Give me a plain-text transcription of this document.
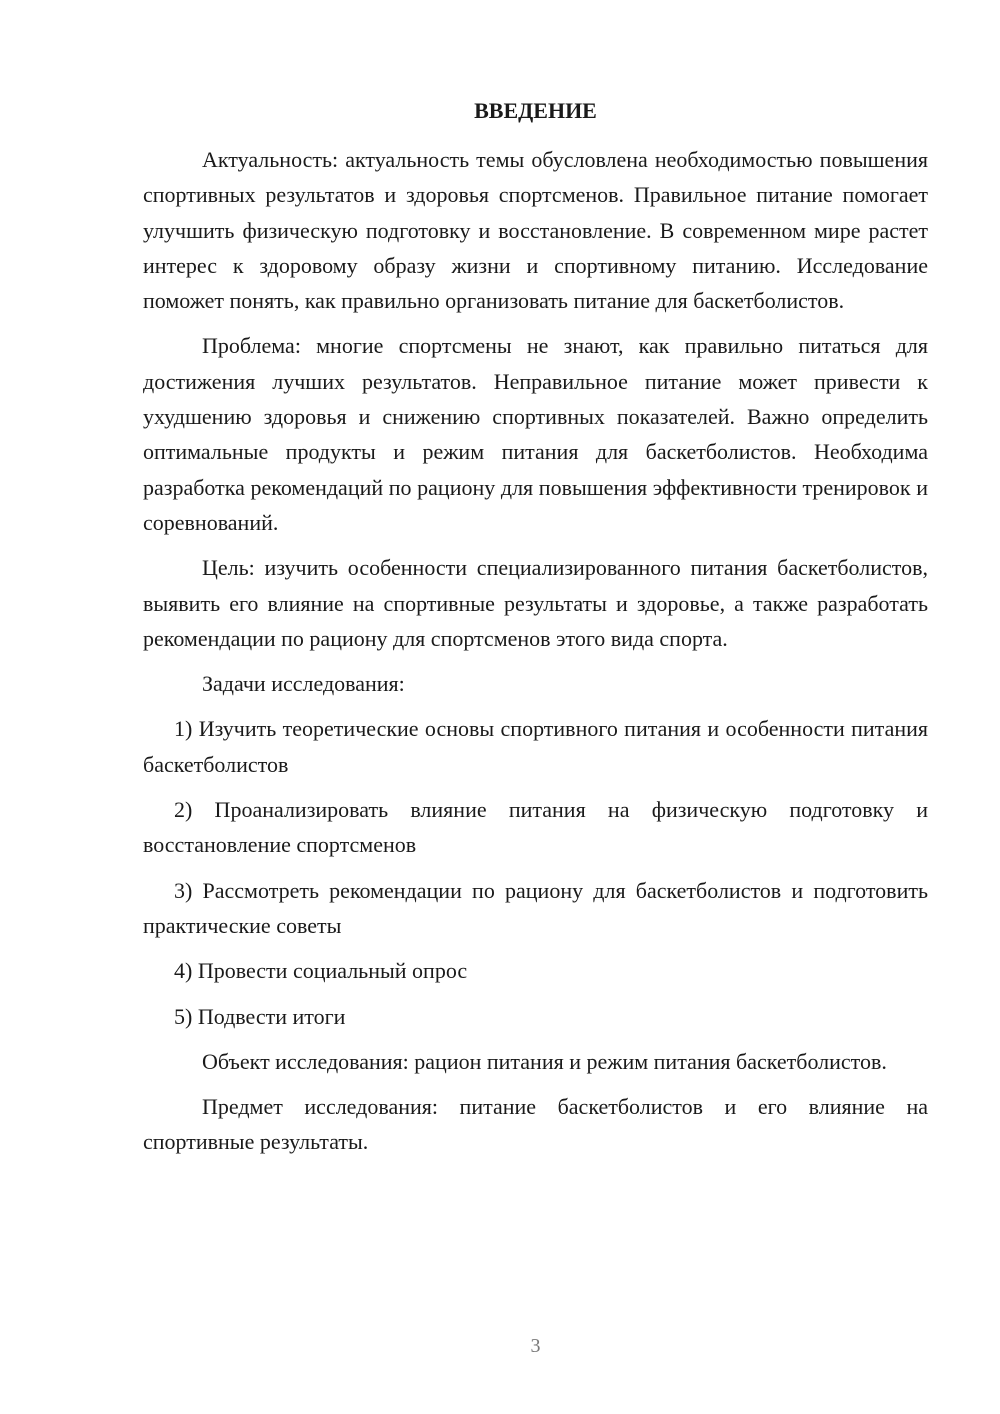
ВВЕДЕНИЕ

Актуальность: актуальность темы обусловлена необходимостью повышения спортивных результатов и здоровья спортсменов. Правильное питание помогает улучшить физическую подготовку и восстановление. В современном мире растет интерес к здоровому образу жизни и спортивному питанию. Исследование поможет понять, как правильно организовать питание для баскетболистов.

Проблема: многие спортсмены не знают, как правильно питаться для достижения лучших результатов. Неправильное питание может привести к ухудшению здоровья и снижению спортивных показателей. Важно определить оптимальные продукты и режим питания для баскетболистов. Необходима разработка рекомендаций по рациону для повышения эффективности тренировок и соревнований.

Цель: изучить особенности специализированного питания баскетболистов, выявить его влияние на спортивные результаты и здоровье, а также разработать рекомендации по рациону для спортсменов этого вида спорта.

Задачи исследования:

1) Изучить теоретические основы спортивного питания и особенности питания баскетболистов

2) Проанализировать влияние питания на физическую подготовку и восстановление спортсменов

3) Рассмотреть рекомендации по рациону для баскетболистов и подготовить практические советы

4) Провести социальный опрос

5) Подвести итоги

Объект исследования: рацион питания и режим питания баскетболистов.

Предмет исследования: питание баскетболистов и его влияние на спортивные результаты.

3
